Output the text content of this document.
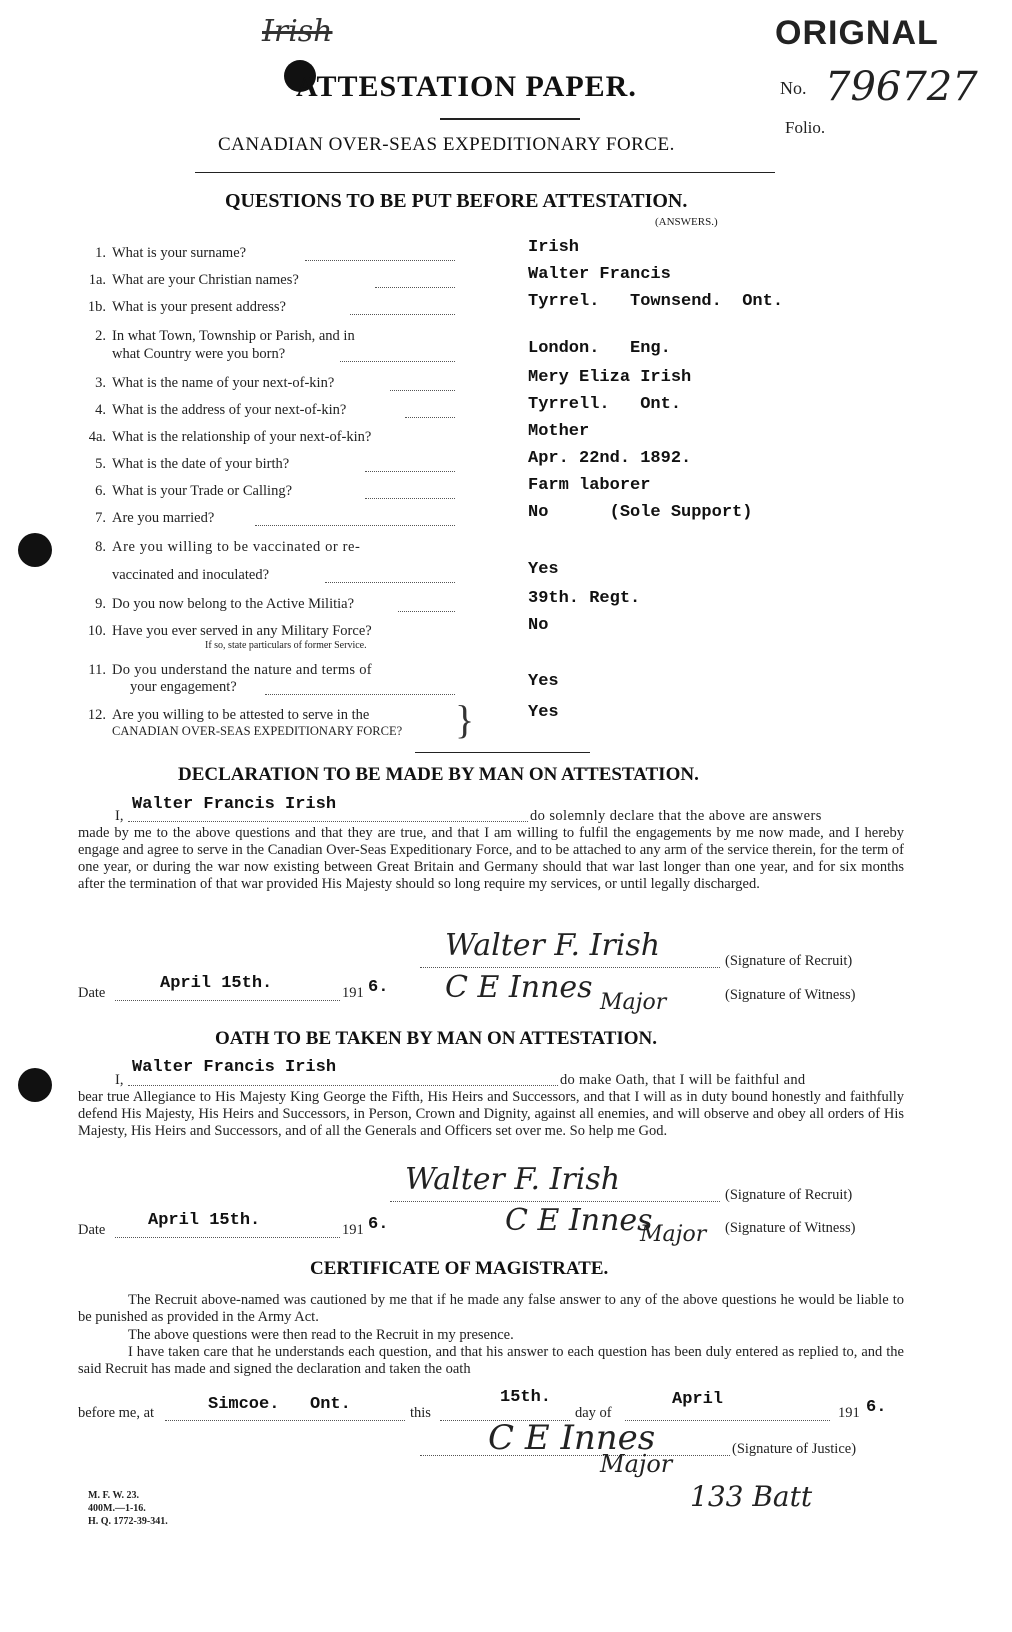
Irish	ORIGNAL
ATTESTATION PAPER.	No. 796727
Folio.
CANADIAN OVER-SEAS EXPEDITIONARY FORCE.
QUESTIONS TO BE PUT BEFORE ATTESTATION.
(ANSWERS.)
1. What is your surname?	Irish
1a. What are your Christian names?	Walter Francis
1b. What is your present address?	Tyrrel.   Townsend.  Ont.
2. In what Town, Township or Parish, and in
what Country were you born?	London.   Eng.
3. What is the name of your next-of-kin?	Mery Eliza Irish
4. What is the address of your next-of-kin?	Tyrrell.   Ont.
4a. What is the relationship of your next-of-kin?	Mother
5. What is the date of your birth?	Apr. 22nd. 1892.
6. What is your Trade or Calling?	Farm laborer
7. Are you married?	No      (Sole Support)
8. Are you willing to be vaccinated or re-
vaccinated and inoculated?	Yes
9. Do you now belong to the Active Militia?	39th. Regt.
10. Have you ever served in any Military Force?
If so, state particulars of former Service.
No
11. Do you understand the nature and terms of
your engagement?	Yes
12. Are you willing to be attested to serve in the
CANADIAN OVER-SEAS EXPEDITIONARY FORCE? }	Yes
DECLARATION TO BE MADE BY MAN ON ATTESTATION.
I,
Walter Francis Irish
do solemnly declare that the above are answers
made by me to the above questions and that they are true, and that I am willing to fulfil the engagements by me now made, and I hereby engage and agree to serve in the Canadian Over-Seas Expeditionary Force, and to be attached to any arm of the service therein, for the term of one year, or during the war now existing between Great Britain and Germany should that war last longer than one year, and for six months after the termination of that war provided His Majesty should so long require my services, or until legally discharged.
Walter F. Irish	(Signature of Recruit)
Date	April 15th.	191 6. C E Innes Major	(Signature of Witness)
OATH TO BE TAKEN BY MAN ON ATTESTATION.
I,
Walter Francis Irish
do make Oath, that I will be faithful and
bear true Allegiance to His Majesty King George the Fifth, His Heirs and Successors, and that I will as in duty bound honestly and faithfully defend His Majesty, His Heirs and Successors, in Person, Crown and Dignity, against all enemies, and will observe and obey all orders of His Majesty, His Heirs and Successors, and of all the Generals and Officers set over me. So help me God.
Walter F. Irish	(Signature of Recruit)
Date	April 15th.	191 6.	C E Innes
Major (Signature of Witness)
CERTIFICATE OF MAGISTRATE.
The Recruit above-named was cautioned by me that if he made any false answer to any of the above questions he would be liable to be punished as provided in the Army Act.
The above questions were then read to the Recruit in my presence.
I have taken care that he understands each question, and that his answer to each question has been duly entered as replied to, and the said Recruit has made and signed the declaration and taken the oath
before me, at	Simcoe.   Ont.	this
15th.
day of
April
191 6.
C E Innes	(Signature of Justice)
Major
133 Batt
M. F. W. 23.
400M.—1-16.
H. Q. 1772-39-341.
